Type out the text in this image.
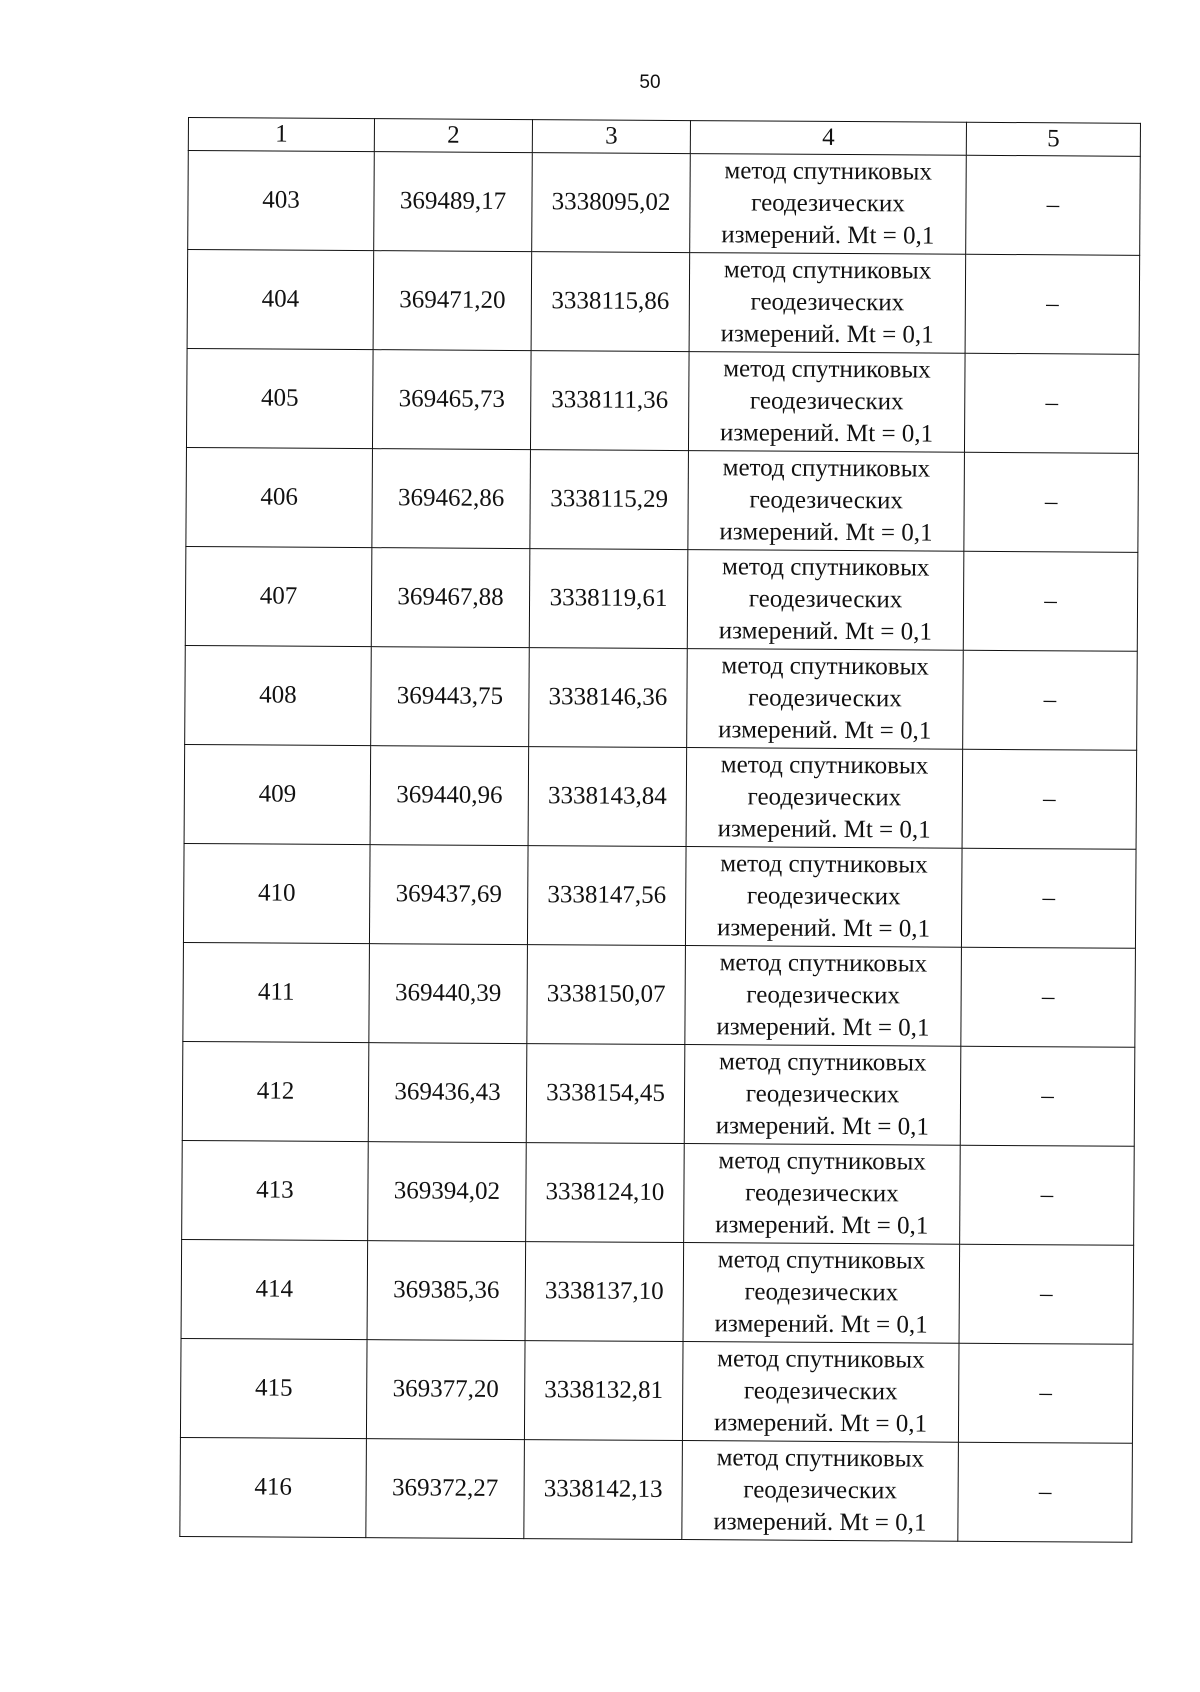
50
1	2	3	4	5
403	369489,17	3338095,02	метод спутниковых
геодезических
измерений. Mt = 0,1	–
404	369471,20	3338115,86	метод спутниковых
геодезических
измерений. Mt = 0,1	–
405	369465,73	3338111,36	метод спутниковых
геодезических
измерений. Mt = 0,1	–
406	369462,86	3338115,29	метод спутниковых
геодезических
измерений. Mt = 0,1	–
407	369467,88	3338119,61	метод спутниковых
геодезических
измерений. Mt = 0,1	–
408	369443,75	3338146,36	метод спутниковых
геодезических
измерений. Mt = 0,1	–
409	369440,96	3338143,84	метод спутниковых
геодезических
измерений. Mt = 0,1	–
410	369437,69	3338147,56	метод спутниковых
геодезических
измерений. Mt = 0,1	–
411	369440,39	3338150,07	метод спутниковых
геодезических
измерений. Mt = 0,1	–
412	369436,43	3338154,45	метод спутниковых
геодезических
измерений. Mt = 0,1	–
413	369394,02	3338124,10	метод спутниковых
геодезических
измерений. Mt = 0,1	–
414	369385,36	3338137,10	метод спутниковых
геодезических
измерений. Mt = 0,1	–
415	369377,20	3338132,81	метод спутниковых
геодезических
измерений. Mt = 0,1	–
416	369372,27	3338142,13	метод спутниковых
геодезических
измерений. Mt = 0,1	–
